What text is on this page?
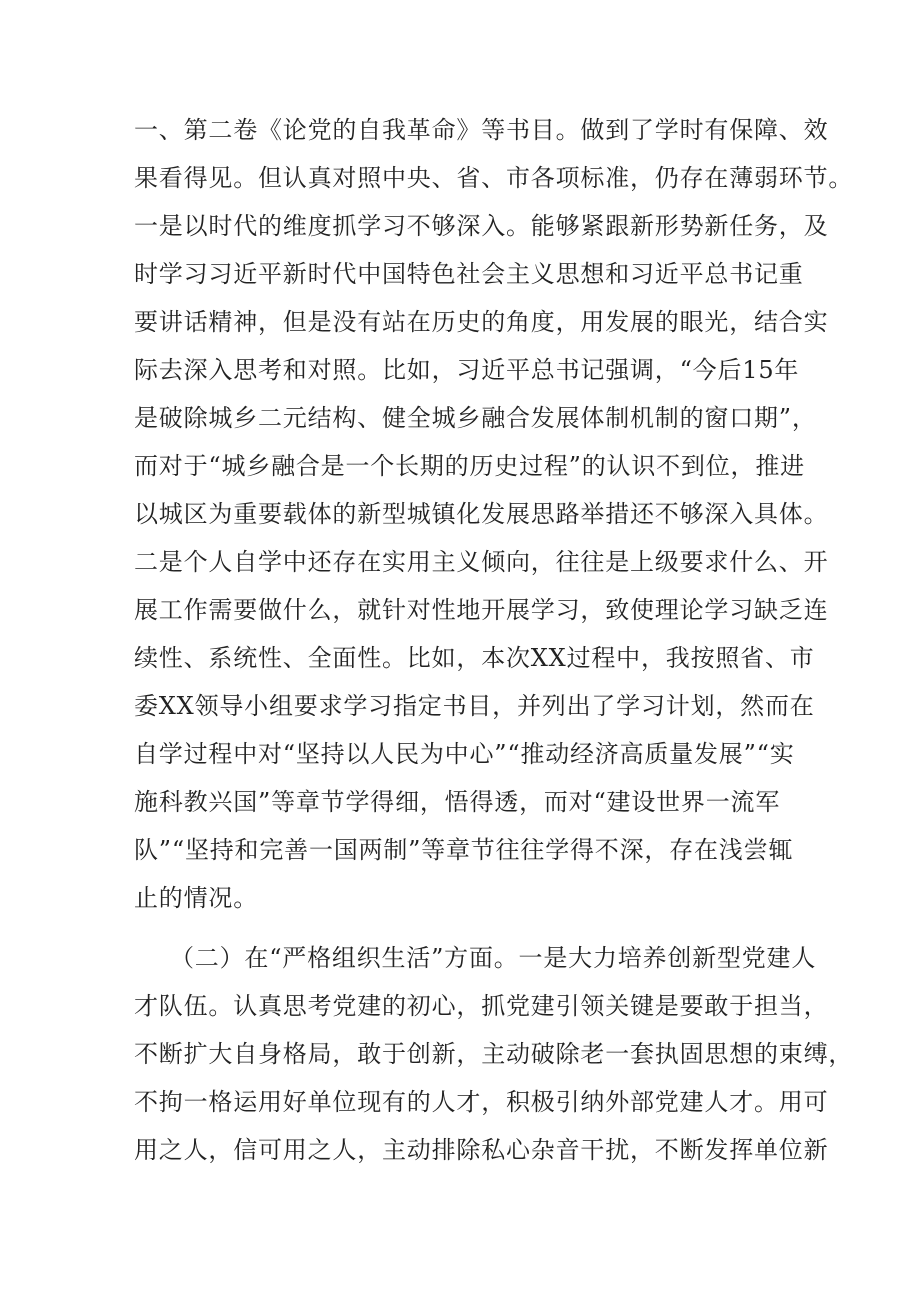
一、第二卷《论党的自我革命》等书目。做到了学时有保障、效
果看得见。但认真对照中央、省、市各项标准，仍存在薄弱环节。
一是以时代的维度抓学习不够深入。能够紧跟新形势新任务，及
时学习习近平新时代中国特色社会主义思想和习近平总书记重
要讲话精神，但是没有站在历史的角度，用发展的眼光，结合实
际去深入思考和对照。比如，习近平总书记强调，“今后15年
是破除城乡二元结构、健全城乡融合发展体制机制的窗口期”，
而对于“城乡融合是一个长期的历史过程”的认识不到位，推进
以城区为重要载体的新型城镇化发展思路举措还不够深入具体。
二是个人自学中还存在实用主义倾向，往往是上级要求什么、开
展工作需要做什么，就针对性地开展学习，致使理论学习缺乏连
续性、系统性、全面性。比如，本次XX过程中，我按照省、市
委XX领导小组要求学习指定书目，并列出了学习计划，然而在
自学过程中对“坚持以人民为中心”“推动经济高质量发展”“实
施科教兴国”等章节学得细，悟得透，而对“建设世界一流军
队”“坚持和完善一国两制”等章节往往学得不深，存在浅尝辄
止的情况。
（二）在“严格组织生活”方面。一是大力培养创新型党建人
才队伍。认真思考党建的初心，抓党建引领关键是要敢于担当，
不断扩大自身格局，敢于创新，主动破除老一套执固思想的束缚，
不拘一格运用好单位现有的人才，积极引纳外部党建人才。用可
用之人，信可用之人，主动排除私心杂音干扰，不断发挥单位新
